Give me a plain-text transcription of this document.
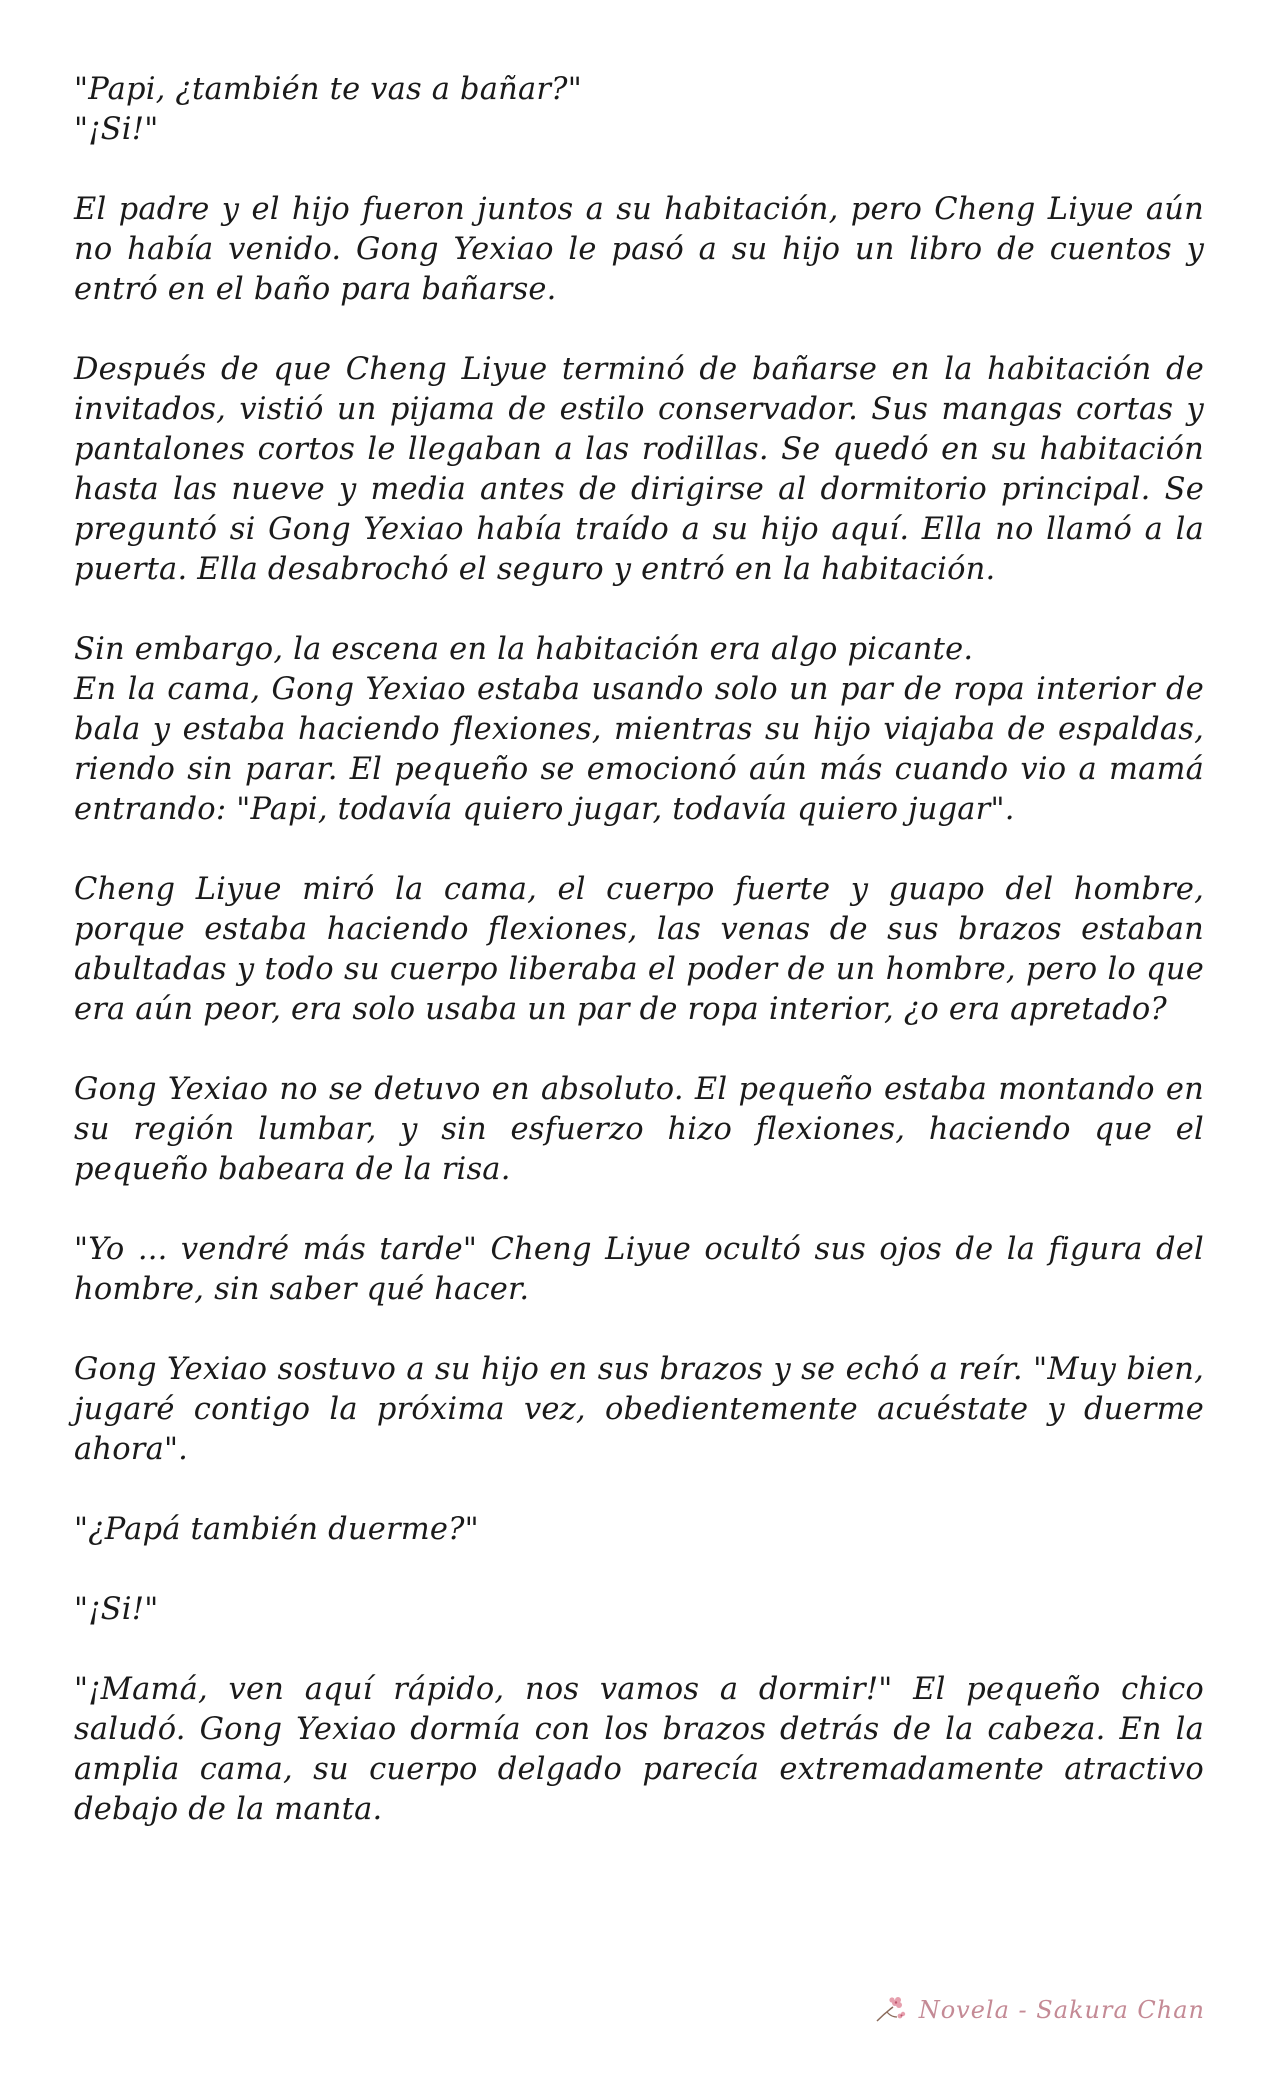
"Papi, ¿también te vas a bañar?"
"¡Si!"

El padre y el hijo fueron juntos a su habitación, pero Cheng Liyue aún no había venido. Gong Yexiao le pasó a su hijo un libro de cuentos y entró en el baño para bañarse.

Después de que Cheng Liyue terminó de bañarse en la habitación de invitados, vistió un pijama de estilo conservador. Sus mangas cortas y pantalones cortos le llegaban a las rodillas. Se quedó en su habitación hasta las nueve y media antes de dirigirse al dormitorio principal. Se preguntó si Gong Yexiao había traído a su hijo aquí. Ella no llamó a la puerta. Ella desabrochó el seguro y entró en la habitación.

Sin embargo, la escena en la habitación era algo picante.
En la cama, Gong Yexiao estaba usando solo un par de ropa interior de bala y estaba haciendo flexiones, mientras su hijo viajaba de espaldas, riendo sin parar. El pequeño se emocionó aún más cuando vio a mamá entrando: "Papi, todavía quiero jugar, todavía quiero jugar".

Cheng Liyue miró la cama, el cuerpo fuerte y guapo del hombre, porque estaba haciendo flexiones, las venas de sus brazos estaban abultadas y todo su cuerpo liberaba el poder de un hombre, pero lo que era aún peor, era solo usaba un par de ropa interior, ¿o era apretado?

Gong Yexiao no se detuvo en absoluto. El pequeño estaba montando en su región lumbar, y sin esfuerzo hizo flexiones, haciendo que el pequeño babeara de la risa.

"Yo ... vendré más tarde" Cheng Liyue ocultó sus ojos de la figura del hombre, sin saber qué hacer.

Gong Yexiao sostuvo a su hijo en sus brazos y se echó a reír. "Muy bien, jugaré contigo la próxima vez, obedientemente acuéstate y duerme ahora".

"¿Papá también duerme?"

"¡Si!"

"¡Mamá, ven aquí rápido, nos vamos a dormir!" El pequeño chico saludó. Gong Yexiao dormía con los brazos detrás de la cabeza. En la amplia cama, su cuerpo delgado parecía extremadamente atractivo debajo de la manta.

Novela - Sakura Chan
